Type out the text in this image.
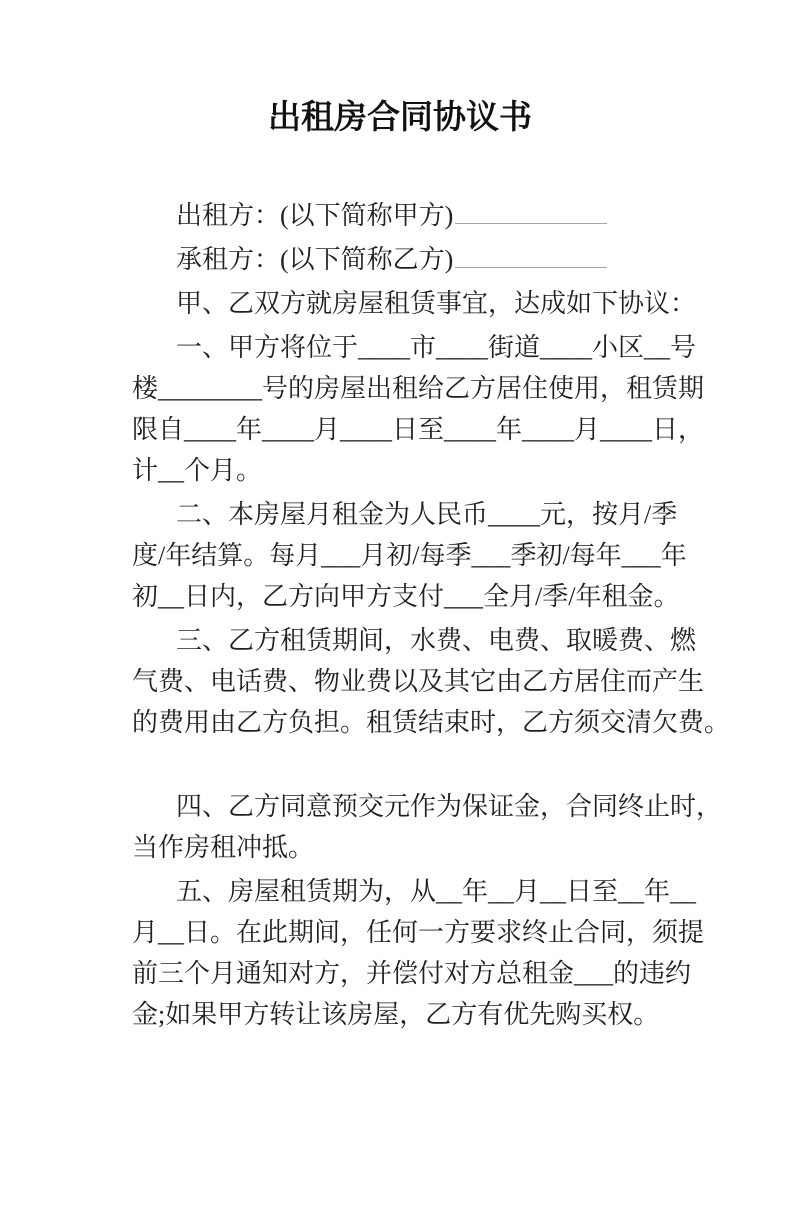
出租房合同协议书
出租方：(以下简称甲方)
承租方：(以下简称乙方)
甲、乙双方就房屋租赁事宜，达成如下协议：
一、甲方将位于____市____街道____小区__号
楼________号的房屋出租给乙方居住使用，租赁期
限自____年____月____日至____年____月____日，
计__个月。
二、本房屋月租金为人民币____元，按月/季
度/年结算。每月___月初/每季___季初/每年___年
初__日内，乙方向甲方支付___全月/季/年租金。
三、乙方租赁期间，水费、电费、取暖费、燃
气费、电话费、物业费以及其它由乙方居住而产生
的费用由乙方负担。租赁结束时，乙方须交清欠费。
四、乙方同意预交元作为保证金，合同终止时，
当作房租冲抵。
五、房屋租赁期为，从__年__月__日至__年__
月__日。在此期间，任何一方要求终止合同，须提
前三个月通知对方，并偿付对方总租金___的违约
金;如果甲方转让该房屋，乙方有优先购买权。
